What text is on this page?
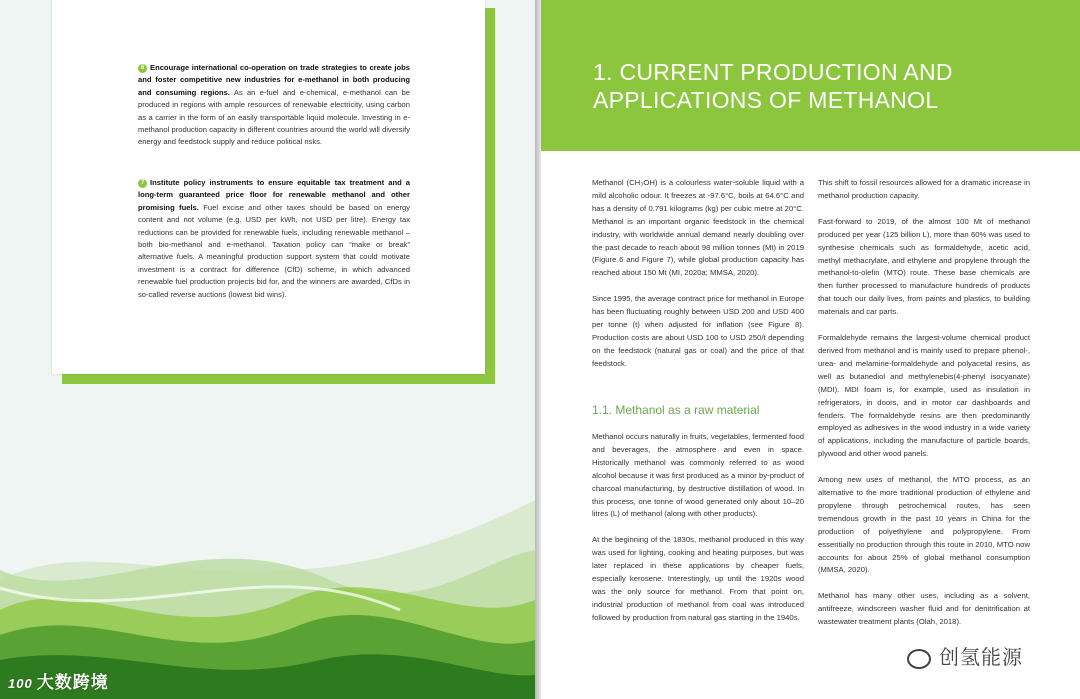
6 Encourage international co-operation on trade strategies to create jobs and foster competitive new industries for e-methanol in both producing and consuming regions. As an e-fuel and e-chemical, e-methanol can be produced in regions with ample resources of renewable electricity, using carbon as a carrier in the form of an easily transportable liquid molecule. Investing in e-methanol production capacity in different countries around the world will diversify energy and feedstock supply and reduce political risks.
7 Institute policy instruments to ensure equitable tax treatment and a long-term guaranteed price floor for renewable methanol and other promising fuels. Fuel excise and other taxes should be based on energy content and not volume (e.g. USD per kWh, not USD per litre). Energy tax reductions can be provided for renewable fuels, including renewable methanol – both bio-methanol and e-methanol. Taxation policy can “make or break” alternative fuels. A meaningful production support system that could motivate investment is a contract for difference (CfD) scheme, in which advanced renewable fuel production projects bid for, and the winners are awarded, CfDs in so-called reverse auctions (lowest bid wins).
100 大数跨境
1. CURRENT PRODUCTION AND
APPLICATIONS OF METHANOL

Methanol (CH₃OH) is a colourless water-soluble liquid with a mild alcoholic odour. It freezes at -97.6°C, boils at 64.6°C and has a density of 0.791 kilograms (kg) per cubic metre at 20°C. Methanol is an important organic feedstock in the chemical industry, with worldwide annual demand nearly doubling over the past decade to reach about 98 million tonnes (Mt) in 2019 (Figure 6 and Figure 7), while global production capacity has reached about 150 Mt (MI, 2020a; MMSA, 2020).

Since 1995, the average contract price for methanol in Europe has been fluctuating roughly between USD 200 and USD 400 per tonne (t) when adjusted for inflation (see Figure 8). Production costs are about USD 100 to USD 250/t depending on the feedstock (natural gas or coal) and the price of that feedstock.

1.1. Methanol as a raw material

Methanol occurs naturally in fruits, vegetables, fermented food and beverages, the atmosphere and even in space. Historically methanol was commonly referred to as wood alcohol because it was first produced as a minor by-product of charcoal manufacturing, by destructive distillation of wood. In this process, one tonne of wood generated only about 10–20 litres (L) of methanol (along with other products).

At the beginning of the 1830s, methanol produced in this way was used for lighting, cooking and heating purposes, but was later replaced in these applications by cheaper fuels, especially kerosene. Interestingly, up until the 1920s wood was the only source for methanol. From that point on, industrial production of methanol from coal was introduced followed by production from natural gas starting in the 1940s.

This shift to fossil resources allowed for a dramatic increase in methanol production capacity.

Fast-forward to 2019, of the almost 100 Mt of methanol produced per year (125 billion L), more than 60% was used to synthesise chemicals such as formaldehyde, acetic acid, methyl methacrylate, and ethylene and propylene through the methanol-to-olefin (MTO) route. These base chemicals are then further processed to manufacture hundreds of products that touch our daily lives, from paints and plastics, to building materials and car parts.

Formaldehyde remains the largest-volume chemical product derived from methanol and is mainly used to prepare phenol-, urea- and melamine-formaldehyde and polyacetal resins, as well as butanediol and methylenebis(4-phenyl isocyanate) (MDI). MDI foam is, for example, used as insulation in refrigerators, in doors, and in motor car dashboards and fenders. The formaldehyde resins are then predominantly employed as adhesives in the wood industry in a wide variety of applications, including the manufacture of particle boards, plywood and other wood panels.

Among new uses of methanol, the MTO process, as an alternative to the more traditional production of ethylene and propylene through petrochemical routes, has seen tremendous growth in the past 10 years in China for the production of polyethylene and polypropylene. From essentially no production through this route in 2010, MTO now accounts for about 25% of global methanol consumption (MMSA, 2020).

Methanol has many other uses, including as a solvent, antifreeze, windscreen washer fluid and for denitrification at wastewater treatment plants (Olah, 2018).

创氢能源
